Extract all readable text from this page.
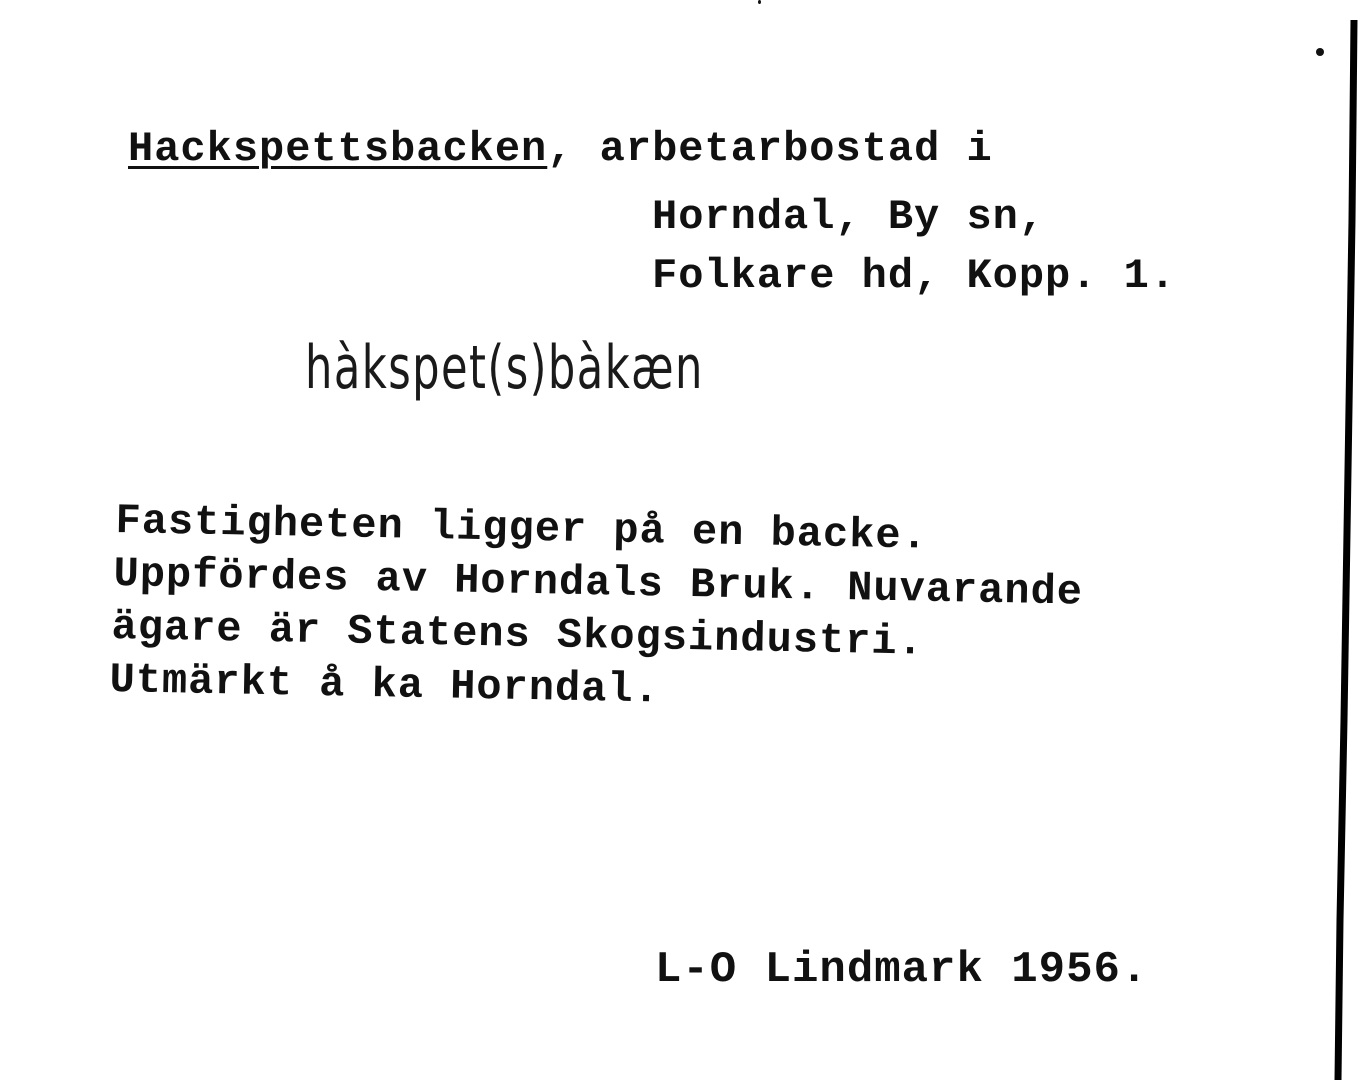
Hackspettsbacken, arbetarbostad i
Horndal, By sn,
Folkare hd, Kopp. 1.
hàkspet(s)bàkæn
Fastigheten ligger på en backe.
Uppfördes av Horndals Bruk. Nuvarande
ägare är Statens Skogsindustri.
Utmärkt å ka Horndal.
L-O Lindmark 1956.
